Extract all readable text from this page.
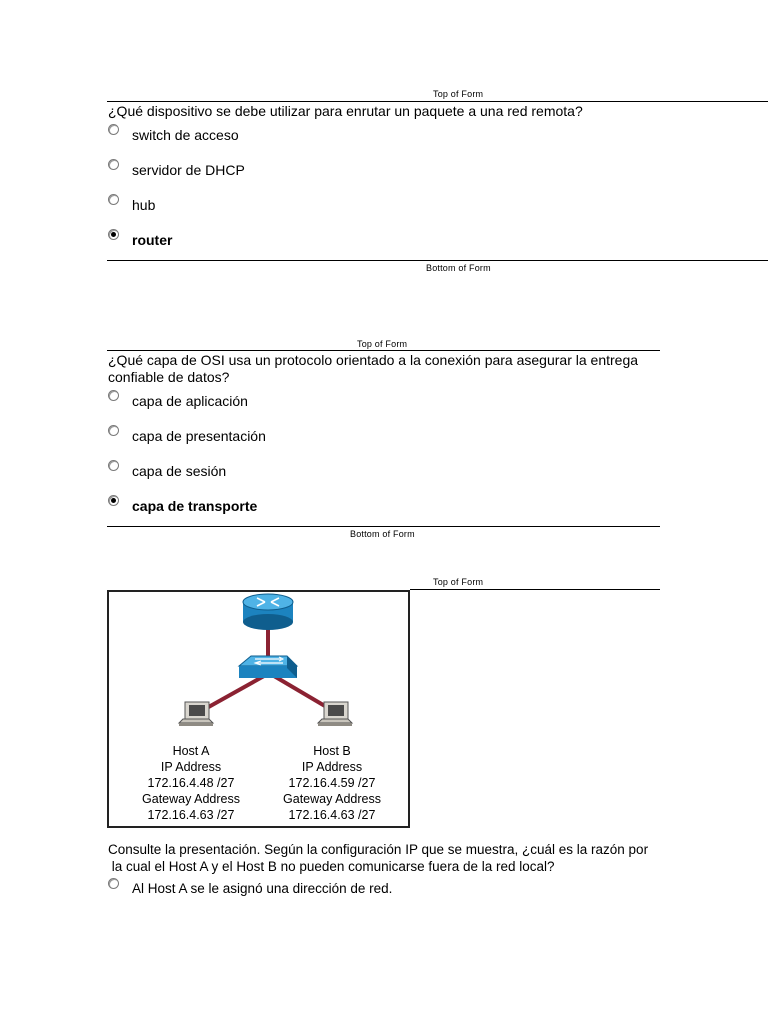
Top of Form
¿Qué dispositivo se debe utilizar para enrutar un paquete a una red remota?
switch de acceso
servidor de DHCP
hub
router
Bottom of Form
Top of Form
¿Qué capa de OSI usa un protocolo orientado a la conexión para asegurar la entrega
confiable de datos?
capa de aplicación
capa de presentación
capa de sesión
capa de transporte
Bottom of Form
Top of Form
Host A
IP Address
172.16.4.48 /27
Gateway Address
172.16.4.63 /27
Host B
IP Address
172.16.4.59 /27
Gateway Address
172.16.4.63 /27
Consulte la presentación. Según la configuración IP que se muestra, ¿cuál es la razón por
la cual el Host A y el Host B no pueden comunicarse fuera de la red local?
Al Host A se le asignó una dirección de red.
